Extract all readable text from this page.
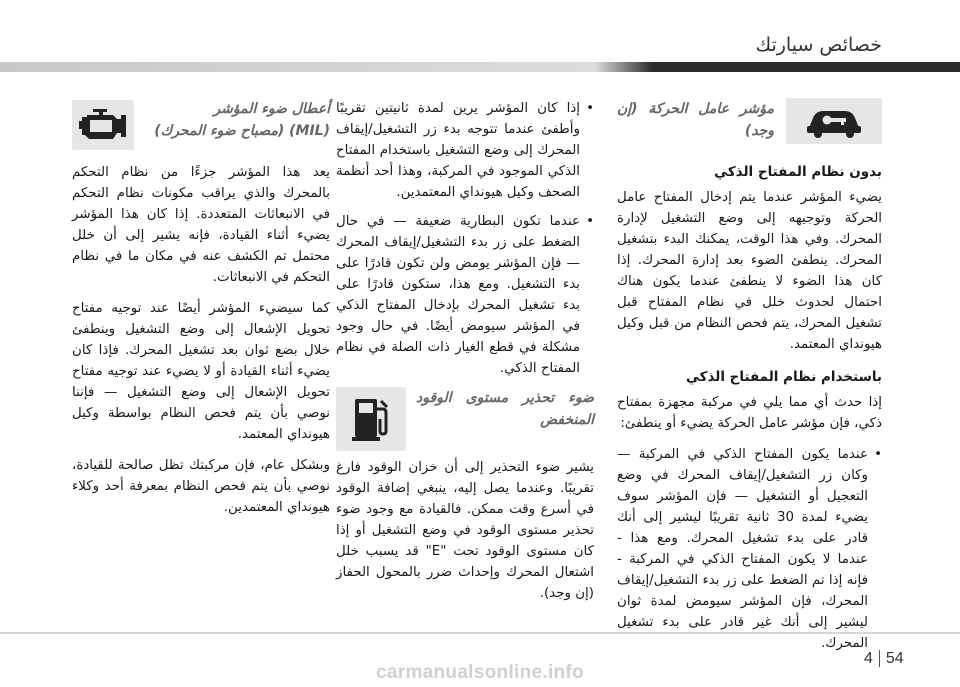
خصائص سيارتك
مؤشر عامل الحركة (إن وجد)
بدون نظام المفتاح الذكي

يضيء المؤشر عندما يتم إدخال المفتاح عامل الحركة وتوجيهه إلى وضع التشغيل لإدارة المحرك. وفي هذا الوقت، يمكنك البدء بتشغيل المحرك. ينطفئ الضوء بعد إدارة المحرك. إذا كان هذا الضوء لا ينطفئ عندما يكون هناك احتمال لحدوث خلل في نظام المفتاح قبل تشغيل المحرك، يتم فحص النظام من قبل وكيل هيونداي المعتمد.

باستخدام نظام المفتاح الذكي

إذا حدث أي مما يلي في مركبة مجهزة بمفتاح ذكي، فإن مؤشر عامل الحركة يضيء أو ينطفئ:

• عندما يكون المفتاح الذكي في المركبة — وكان زر التشغيل/إيقاف المحرك في وضع التعجيل أو التشغيل — فإن المؤشر سوف يضيء لمدة 30 ثانية تقريبًا ليشير إلى أنك قادر على بدء تشغيل المحرك. ومع هذا - عندما لا يكون المفتاح الذكي في المركبة - فإنه إذا تم الضغط على زر بدء التشغيل/إيقاف المحرك، فإن المؤشر سيومض لمدة ثوان ليشير إلى أنك غير قادر على بدء تشغيل المحرك.
• إذا كان المؤشر يرين لمدة ثانيتين تقريبًا وأطفئ عندما تتوجه بدء زر التشغيل/إيقاف المحرك إلى وضع التشغيل باستخدام المفتاح الذكي الموجود في المركبة، وهذا أحد أنظمة الصحف وكيل هيونداي المعتمدين.
• عندما تكون البطارية ضعيفة — في حال الضغط على زر بدء التشغيل/إيقاف المحرك — فإن المؤشر يومض ولن تكون قادرًا على بدء التشغيل. ومع هذا، ستكون قادرًا على بدء تشغيل المحرك بإدخال المفتاح الذكي في المؤشر سيومض أيضًا. في حال وجود مشكلة في قطع الغيار ذات الصلة في نظام المفتاح الذكي.
ضوء تحذير مستوى الوقود المنخفض

يشير ضوء التحذير إلى أن خزان الوقود فارغ تقريبًا. وعندما يصل إليه، ينبغي إضافة الوقود في أسرع وقت ممكن. فالقيادة مع وجود ضوء تحذير مستوى الوقود في وضع التشغيل أو إذا كان مستوى الوقود تحت "E" قد يسبب خلل اشتعال المحرك وإحداث ضرر بالمحول الحفاز (إن وجد).

أعطال ضوء المؤشر
(MIL) (مصباح ضوء المحرك)

يعد هذا المؤشر جزءًا من نظام التحكم بالمحرك والذي يراقب مكونات نظام التحكم في الانبعاثات المتعددة. إذا كان هذا المؤشر يضيء أثناء القيادة، فإنه يشير إلى أن خلل محتمل تم الكشف عنه في مكان ما في نظام التحكم في الانبعاثات.

كما سيضيء المؤشر أيضًا عند توجيه مفتاح تحويل الإشعال إلى وضع التشغيل وينطفئ خلال بضع ثوان بعد تشغيل المحرك. فإذا كان يضيء أثناء القيادة أو لا يضيء عند توجيه مفتاح تحويل الإشعال إلى وضع التشغيل — فإننا نوصي بأن يتم فحص النظام بواسطة وكيل هيونداي المعتمد.

وبشكل عام، فإن مركبتك تظل صالحة للقيادة، نوصي بأن يتم فحص النظام بمعرفة أحد وكلاء هيونداي المعتمدين.

4 54
carmanualsonline.info
